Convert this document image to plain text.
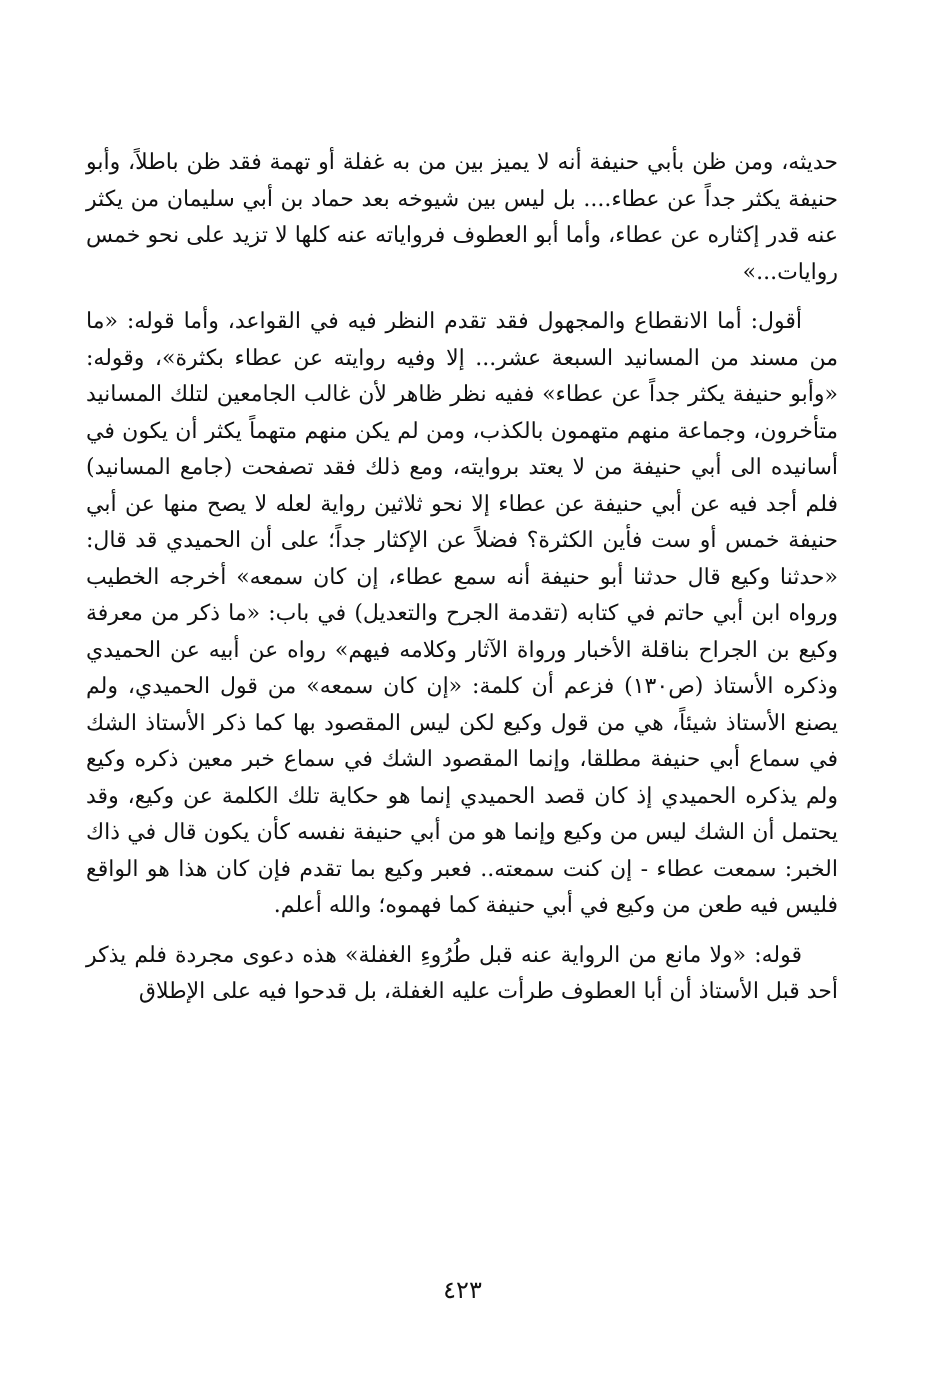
حديثه، ومن ظن بأبي حنيفة أنه لا يميز بين من به غفلة أو تهمة فقد ظن باطلاً، وأبو حنيفة يكثر جداً عن عطاء.... بل ليس بين شيوخه بعد حماد بن أبي سليمان من يكثر عنه قدر إكثاره عن عطاء، وأما أبو العطوف فرواياته عنه كلها لا تزيد على نحو خمس روايات...»

أقول: أما الانقطاع والمجهول فقد تقدم النظر فيه في القواعد، وأما قوله: «ما من مسند من المسانيد السبعة عشر... إلا وفيه روايته عن عطاء بكثرة»، وقوله: «وأبو حنيفة يكثر جداً عن عطاء» ففيه نظر ظاهر لأن غالب الجامعين لتلك المسانيد متأخرون، وجماعة منهم متهمون بالكذب، ومن لم يكن منهم متهماً يكثر أن يكون في أسانيده الى أبي حنيفة من لا يعتد بروايته، ومع ذلك فقد تصفحت (جامع المسانيد) فلم أجد فيه عن أبي حنيفة عن عطاء إلا نحو ثلاثين رواية لعله لا يصح منها عن أبي حنيفة خمس أو ست فأين الكثرة؟ فضلاً عن الإكثار جداً؛ على أن الحميدي قد قال: «حدثنا وكيع قال حدثنا أبو حنيفة أنه سمع عطاء، إن كان سمعه» أخرجه الخطيب ورواه ابن أبي حاتم في كتابه (تقدمة الجرح والتعديل) في باب: «ما ذكر من معرفة وكيع بن الجراح بناقلة الأخبار ورواة الآثار وكلامه فيهم» رواه عن أبيه عن الحميدي وذكره الأستاذ (ص١٣٠) فزعم أن كلمة: «إن كان سمعه» من قول الحميدي، ولم يصنع الأستاذ شيئاً، هي من قول وكيع لكن ليس المقصود بها كما ذكر الأستاذ الشك في سماع أبي حنيفة مطلقا، وإنما المقصود الشك في سماع خبر معين ذكره وكيع ولم يذكره الحميدي إذ كان قصد الحميدي إنما هو حكاية تلك الكلمة عن وكيع، وقد يحتمل أن الشك ليس من وكيع وإنما هو من أبي حنيفة نفسه كأن يكون قال في ذاك الخبر: سمعت عطاء - إن كنت سمعته.. فعبر وكيع بما تقدم فإن كان هذا هو الواقع فليس فيه طعن من وكيع في أبي حنيفة كما فهموه؛ والله أعلم.

قوله: «ولا مانع من الرواية عنه قبل طُرُوءِ الغفلة» هذه دعوى مجردة فلم يذكر أحد قبل الأستاذ أن أبا العطوف طرأت عليه الغفلة، بل قدحوا فيه على الإطلاق

٤٢٣
